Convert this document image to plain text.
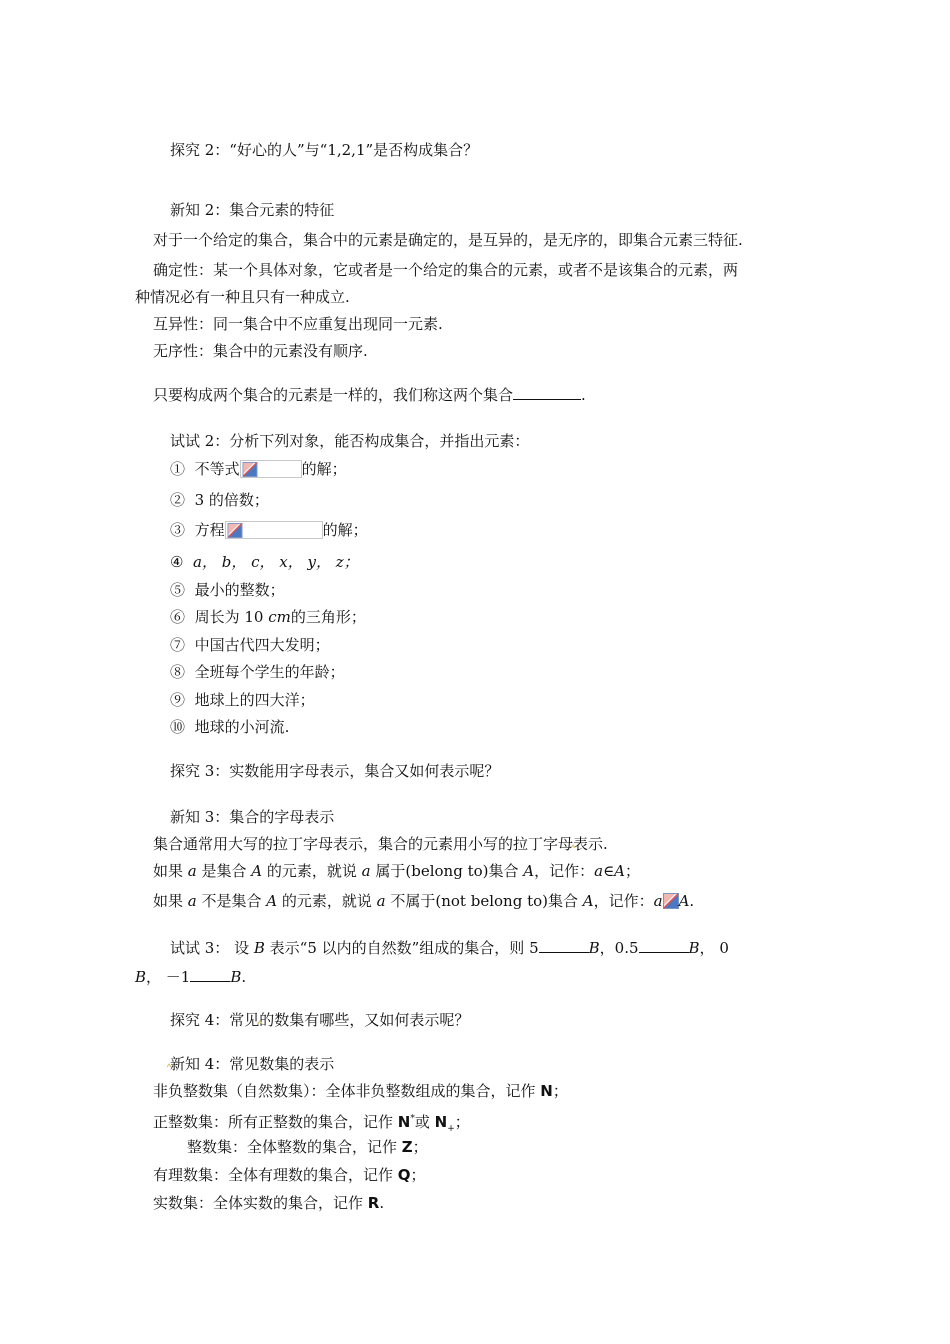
探究 2：“好心的人”与“1,2,1”是否构成集合？
新知 2：集合元素的特征
对于一个给定的集合，集合中的元素是确定的，是互异的，是无序的，即集合元素三特征.
确定性：某一个具体对象，它或者是一个给定的集合的元素，或者不是该集合的元素，两
种情况必有一种且只有一种成立.
互异性：同一集合中不应重复出现同一元素.
无序性：集合中的元素没有顺序.
只要构成两个集合的元素是一样的，我们称这两个集合	.
试试 2：分析下列对象，能否构成集合，并指出元素：
① 不等式	的解；
② 3 的倍数；
③ 方程	的解；
④ a， b， c， x， y， z；
⑤ 最小的整数；
⑥ 周长为 10 cm的三角形；
⑦ 中国古代四大发明；
⑧ 全班每个学生的年龄；
⑨ 地球上的四大洋；
⑩ 地球的小河流.
探究 3：实数能用字母表示，集合又如何表示呢？
新知 3：集合的字母表示
集合通常用大写的拉丁字母表示，集合的元素用小写的拉丁字母表示.
如果 a 是集合 A 的元素，就说 a 属于(belong to)集合 A，记作：a∈A；
如果 a 不是集合 A 的元素，就说 a 不属于(not belong to)集合 A，记作：a A.
试试 3： 设 B 表示“5 以内的自然数”组成的集合，则 5	B，0.5	B， 0
B， －1	B.
探究 4：常见的数集有哪些，又如何表示呢？
新知 4：常见数集的表示
非负整数集（自然数集）：全体非负整数组成的集合，记作 N；
正整数集：所有正整数的集合，记作 N*或 $N_+$；
整数集：全体整数的集合，记作 Z；
有理数集：全体有理数的集合，记作 Q；
实数集：全体实数的集合，记作 R.
